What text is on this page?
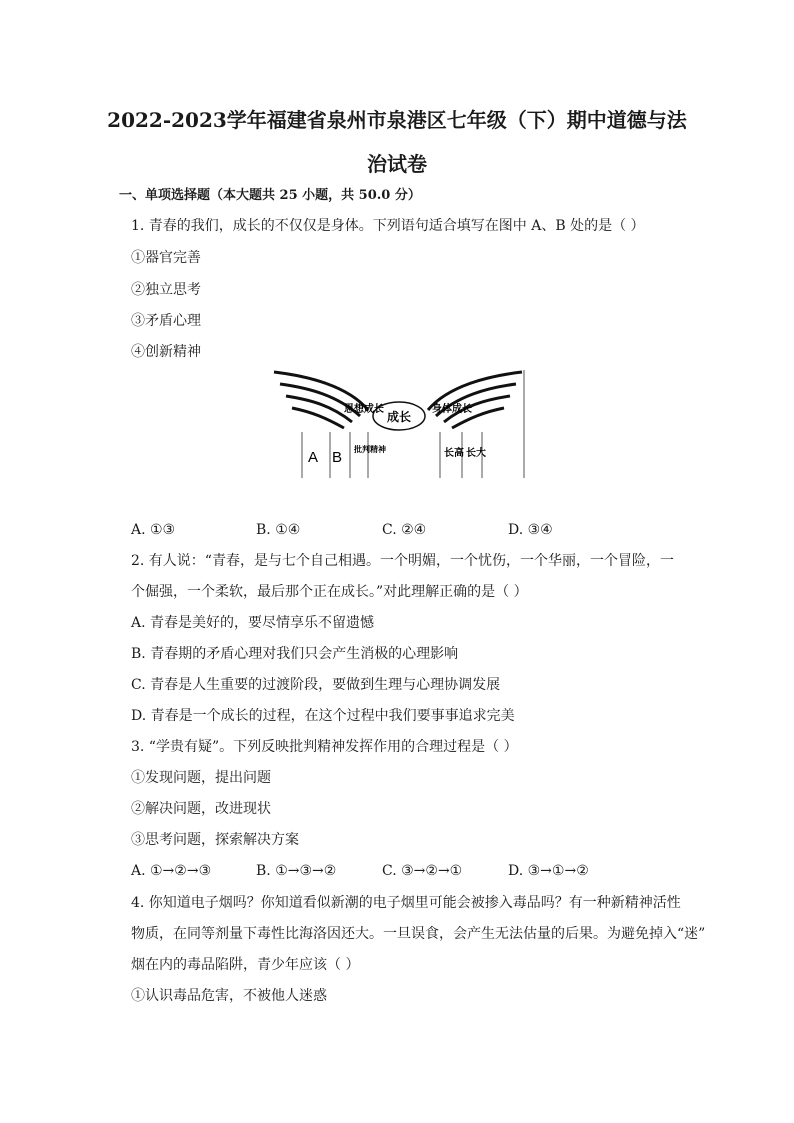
2022-2023学年福建省泉州市泉港区七年级（下）期中道德与法
治试卷
一、单项选择题（本大题共 25 小题，共 50.0 分）
1. 青春的我们，成长的不仅仅是身体。下列语句适合填写在图中 A、B 处的是（ ）
①器官完善
②独立思考
③矛盾心理
④创新精神
成长
思想成长	身体成长
A B 批判精神	长高 长大
A. ①③	B. ①④	C. ②④	D. ③④
2. 有人说：“青春，是与七个自己相遇。一个明媚，一个忧伤，一个华丽，一个冒险，一
个倔强，一个柔软，最后那个正在成长。”对此理解正确的是（ ）
A. 青春是美好的，要尽情享乐不留遗憾
B. 青春期的矛盾心理对我们只会产生消极的心理影响
C. 青春是人生重要的过渡阶段，要做到生理与心理协调发展
D. 青春是一个成长的过程，在这个过程中我们要事事追求完美
3. “学贵有疑”。下列反映批判精神发挥作用的合理过程是（ ）
①发现问题，提出问题
②解决问题，改进现状
③思考问题，探索解决方案
A. ①→②→③	B. ①→③→②	C. ③→②→①	D. ③→①→②
4. 你知道电子烟吗？你知道看似新潮的电子烟里可能会被掺入毒品吗？有一种新精神活性
物质，在同等剂量下毒性比海洛因还大。一旦误食，会产生无法估量的后果。为避免掉入“迷”
烟在内的毒品陷阱，青少年应该（ ）
①认识毒品危害，不被他人迷惑
